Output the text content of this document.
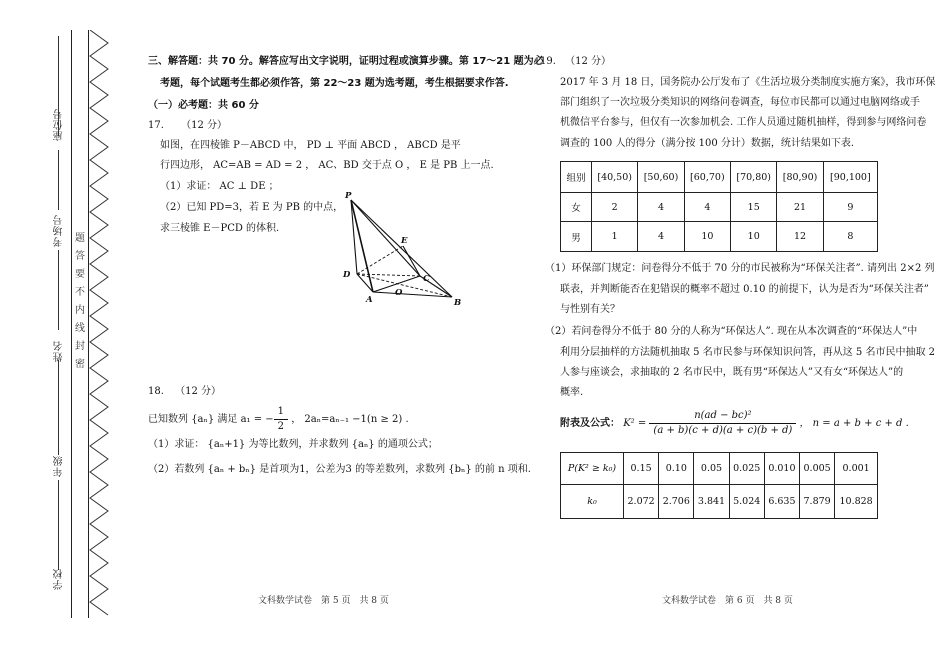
座位号
考场号
姓名
年级
学校
密
封
线
内
不
要
答
题
三、解答题：共 70 分。解答应写出文字说明，证明过程或演算步骤。第 17～21 题为必
考题，每个试题考生都必须作答，第 22～23 题为选考题，考生根据要求作答.
（一）必考题：共 60 分
17. （12 分）
如图，在四棱锥 P－ABCD 中， PD ⊥ 平面 ABCD ， ABCD 是平
行四边形， AC=AB = AD = 2 ， AC、BD 交于点 O ， E 是 PB 上一点.
（1）求证： AC ⊥ DE ；
（2）已知 PD=3，若 E 为 PB 的中点，
求三棱锥 E－PCD 的体积.
P
E
D	C
O
A	B
18. （12 分）
已知数列 {aₙ} 满足 a₁ = − $\frac{1}{2}$ ， 2aₙ=aₙ₋₁ −1(n ≥ 2) .
（1）求证： {aₙ+1} 为等比数列，并求数列 {aₙ} 的通项公式；
（2）若数列 {aₙ + bₙ} 是首项为1，公差为3 的等差数列，求数列 {bₙ} 的前 n 项和.
文科数学试卷　第 5 页　共 8 页
19. （12 分）
2017 年 3 月 18 日，国务院办公厅发布了《生活垃圾分类制度实施方案》，我市环保
部门组织了一次垃圾分类知识的网络问卷调查，每位市民都可以通过电脑网络或手
机微信平台参与，但仅有一次参加机会. 工作人员通过随机抽样，得到参与网络问卷
调查的 100 人的得分（满分按 100 分计）数据，统计结果如下表.
组别	[40,50)	[50,60)	[60,70)	[70,80)	[80,90)	[90,100]
女	2	4	4	15	21	9
男	1	4	10	10	12	8
（1）环保部门规定：问卷得分不低于 70 分的市民被称为“环保关注者”. 请列出 2×2 列
联表，并判断能否在犯错误的概率不超过 0.10 的前提下，认为是否为“环保关注者”
与性别有关？
（2）若问卷得分不低于 80 分的人称为“环保达人”. 现在从本次调查的“环保达人”中
利用分层抽样的方法随机抽取 5 名市民参与环保知识问答，再从这 5 名市民中抽取 2
人参与座谈会，求抽取的 2 名市民中，既有男“环保达人”又有女“环保达人”的
概率.
附表及公式： $K^2 = \frac{\text{n(ad − bc)²}}{(a + b)(c + d)(a + c)(b + d)}$ ， n = a + b + c + d .
P(K² ≥ k₀)	0.15	0.10	0.05	0.025	0.010	0.005	0.001
k₀	2.072	2.706	3.841	5.024	6.635	7.879	10.828
文科数学试卷　第 6 页　共 8 页
